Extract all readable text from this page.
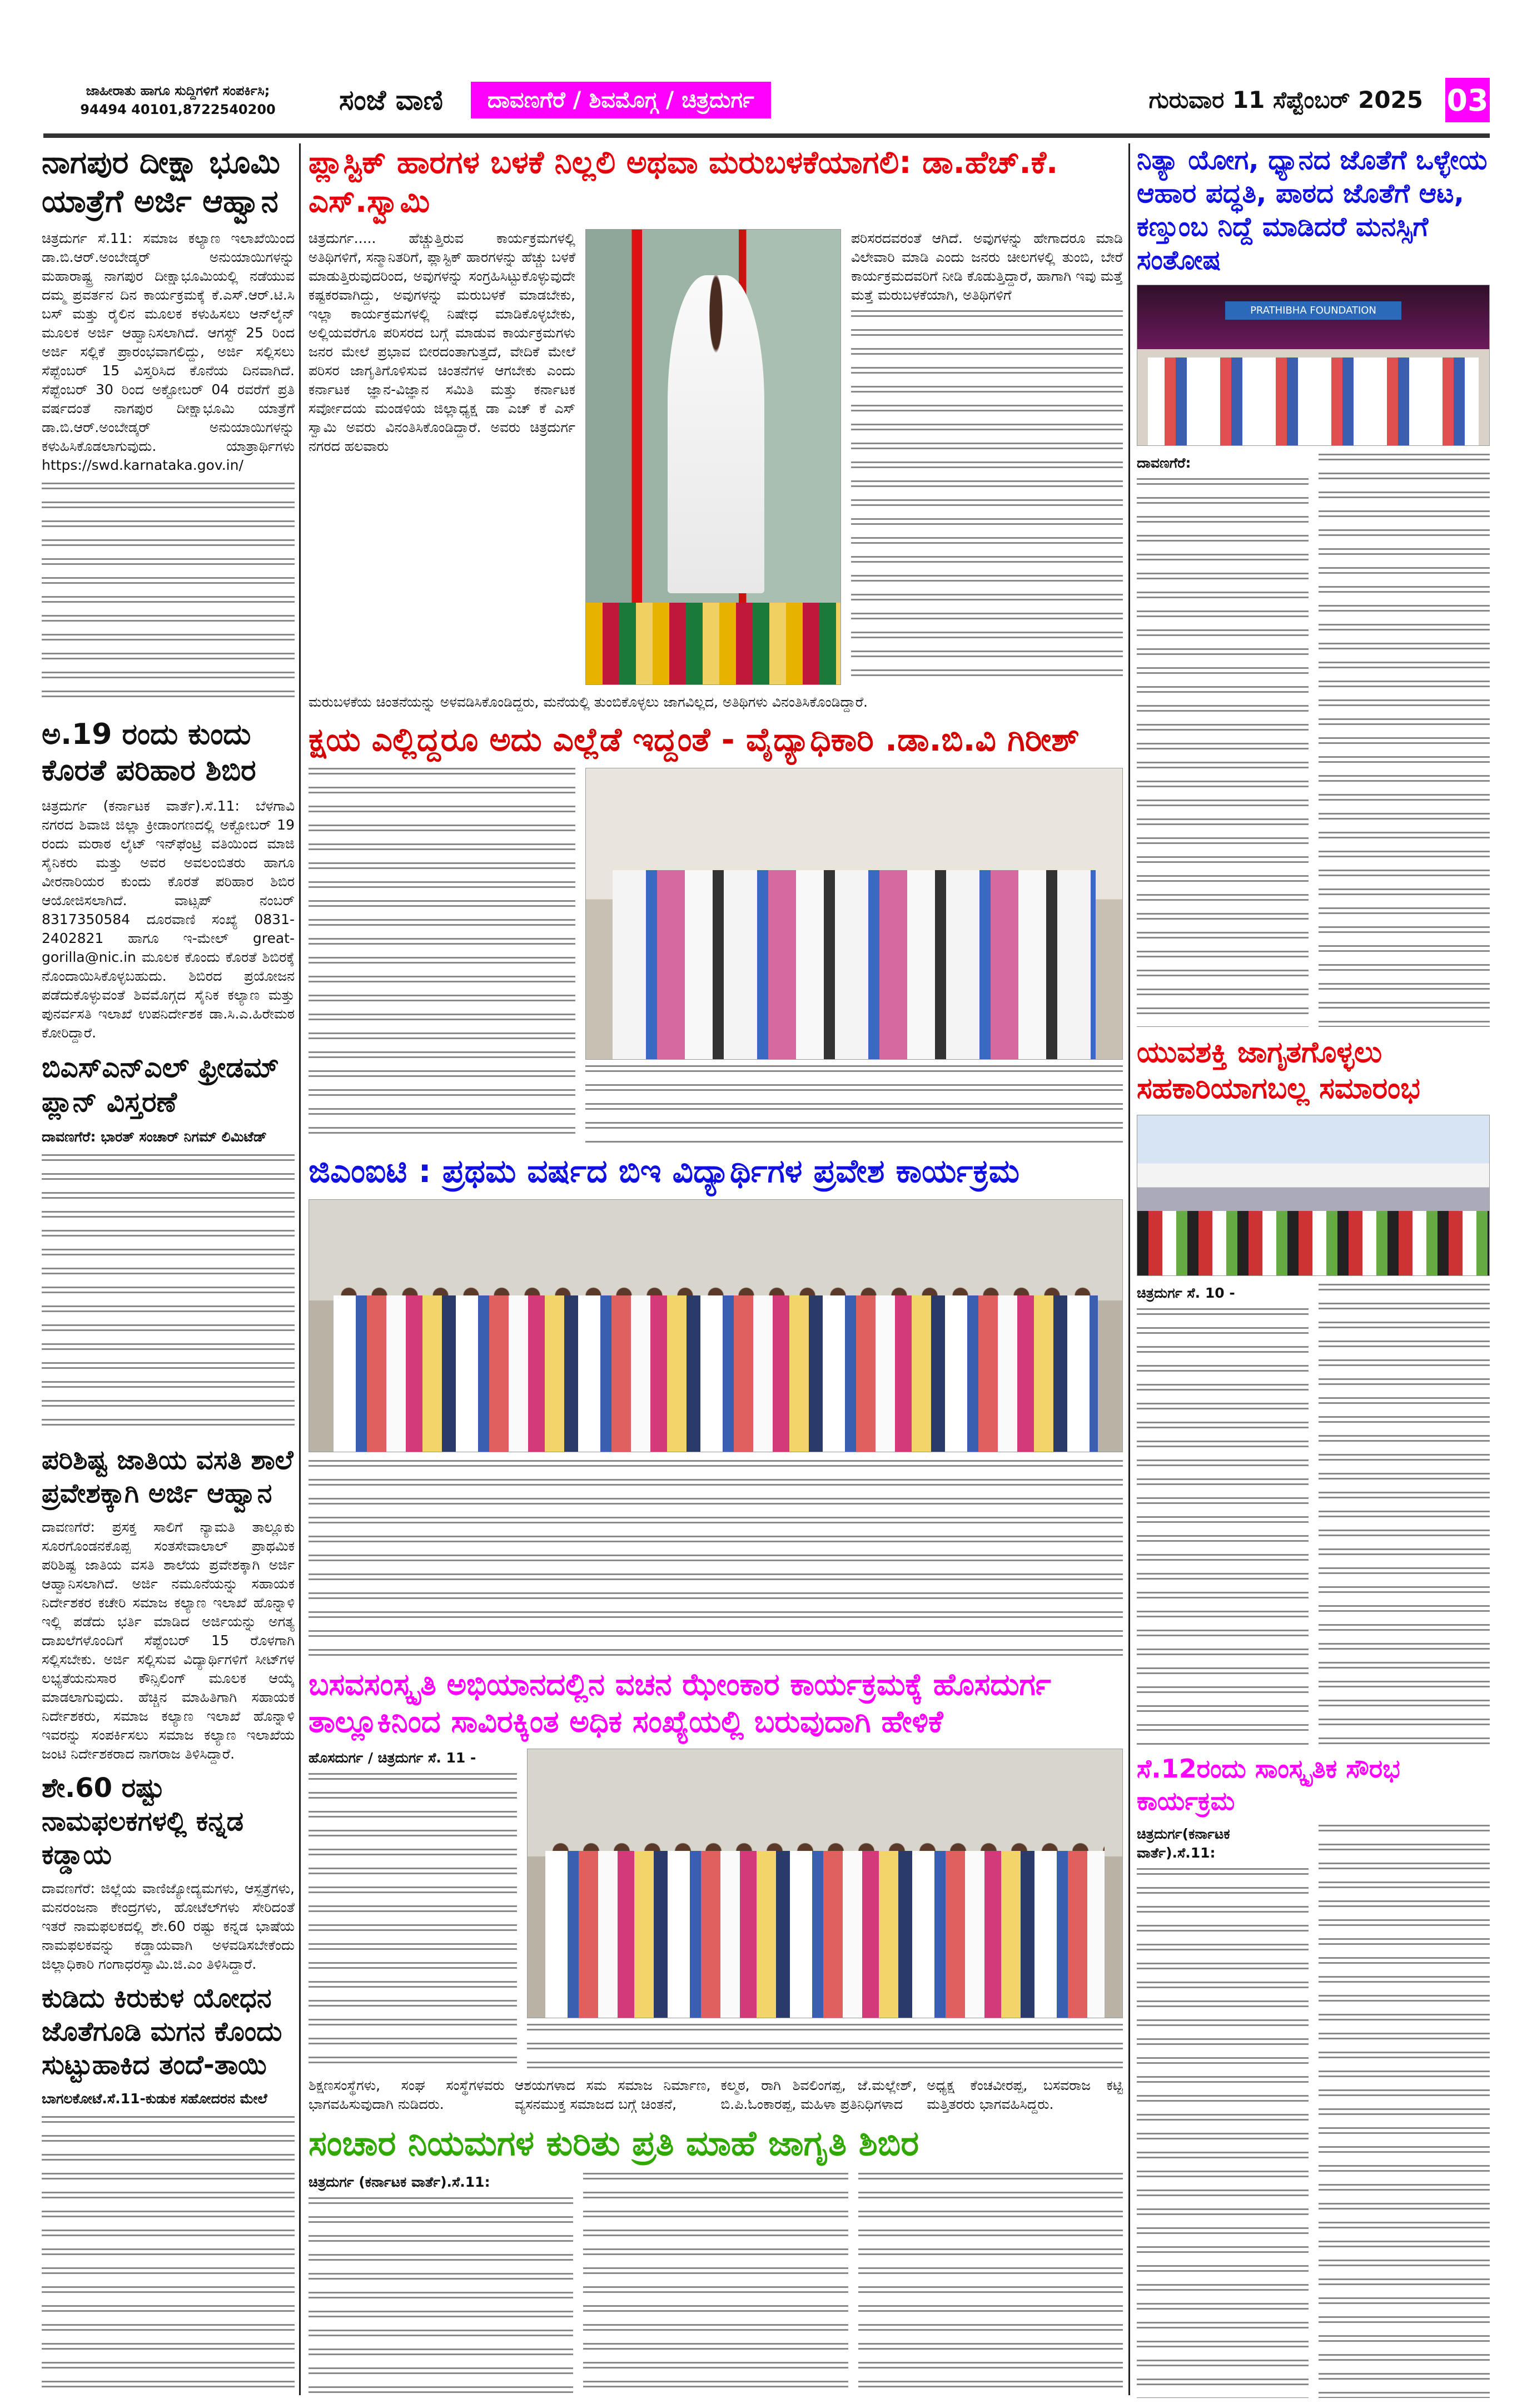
ಜಾಹೀರಾತು ಹಾಗೂ ಸುದ್ದಿಗಳಿಗೆ ಸಂಪರ್ಕಿಸಿ;
94494 40101,8722540200	ಸಂಜೆ ವಾಣಿ	ದಾವಣಗೆರೆ / ಶಿವಮೊಗ್ಗ / ಚಿತ್ರದುರ್ಗ	ಗುರುವಾರ 11 ಸೆಪ್ಟೆಂಬರ್ 2025 03
ನಾಗಪುರ ದೀಕ್ಷಾ ಭೂಮಿ ಯಾತ್ರೆಗೆ ಅರ್ಜಿ ಆಹ್ವಾನ
ಚಿತ್ರದುರ್ಗ ಸೆ.11: ಸಮಾಜ ಕಲ್ಯಾಣ ಇಲಾಖೆಯಿಂದ ಡಾ.ಬಿ.ಆರ್.ಅಂಬೇಡ್ಕರ್ ಅನುಯಾಯಿಗಳನ್ನು ಮಹಾರಾಷ್ಟ್ರ ನಾಗಪುರ ದೀಕ್ಷಾಭೂಮಿಯಲ್ಲಿ ನಡೆಯುವ ದಮ್ಮ ಪ್ರವರ್ತನ ದಿನ ಕಾರ್ಯಕ್ರಮಕ್ಕೆ ಕೆ.ಎಸ್.ಆರ್.ಟಿ.ಸಿ ಬಸ್ ಮತ್ತು ರೈಲಿನ ಮೂಲಕ ಕಳುಹಿಸಲು ಆನ್‍ಲೈನ್ ಮೂಲಕ ಅರ್ಜಿ ಆಹ್ವಾನಿಸಲಾಗಿದೆ. ಆಗಸ್ಟ್ 25 ರಿಂದ ಅರ್ಜಿ ಸಲ್ಲಿಕೆ ಪ್ರಾರಂಭವಾಗಲಿದ್ದು, ಅರ್ಜಿ ಸಲ್ಲಿಸಲು ಸೆಪ್ಟೆಂಬರ್ 15 ವಿಸ್ತರಿಸಿದ ಕೊನೆಯ ದಿನವಾಗಿದೆ. ಸೆಪ್ಟೆಂಬರ್ 30 ರಿಂದ ಅಕ್ಟೋಬರ್ 04 ರವರೆಗೆ ಪ್ರತಿ ವರ್ಷದಂತೆ ನಾಗಪುರ ದೀಕ್ಷಾಭೂಮಿ ಯಾತ್ರೆಗೆ ಡಾ.ಬಿ.ಆರ್.ಅಂಬೇಡ್ಕರ್ ಅನುಯಾಯಿಗಳನ್ನು ಕಳುಹಿಸಿಕೊಡಲಾಗುವುದು. ಯಾತ್ರಾರ್ಥಿಗಳು https://swd.karnataka.gov.in/
ಅ.19 ರಂದು ಕುಂದು ಕೊರತೆ ಪರಿಹಾರ ಶಿಬಿರ
ಚಿತ್ರದುರ್ಗ (ಕರ್ನಾಟಕ ವಾರ್ತೆ).ಸೆ.11: ಬೆಳಗಾವಿ ನಗರದ ಶಿವಾಜಿ ಜಿಲ್ಲಾ ಕ್ರೀಡಾಂಗಣದಲ್ಲಿ ಅಕ್ಟೋಬರ್ 19 ರಂದು ಮರಾಠ ಲೈಟ್ ಇನ್‍ಫೆಂಟ್ರಿ ವತಿಯಿಂದ ಮಾಜಿ ಸೈನಿಕರು ಮತ್ತು ಅವರ ಅವಲಂಬಿತರು ಹಾಗೂ ವೀರನಾರಿಯರ ಕುಂದು ಕೊರತೆ ಪರಿಹಾರ ಶಿಬಿರ ಆಯೋಜಿಸಲಾಗಿದೆ. ವಾಟ್ಸಪ್ ನಂಬರ್ 8317350584 ದೂರವಾಣಿ ಸಂಖ್ಯೆ 0831-2402821 ಹಾಗೂ ಇ-ಮೇಲ್ great-gorilla@nic.in ಮೂಲಕ ಕೊಂದು ಕೊರತೆ ಶಿಬಿರಕ್ಕೆ ನೊಂದಾಯಿಸಿಕೊಳ್ಳಬಹುದು. ಶಿಬಿರದ ಪ್ರಯೋಜನ ಪಡೆದುಕೊಳ್ಳುವಂತೆ ಶಿವಮೊಗ್ಗದ ಸೈನಿಕ ಕಲ್ಯಾಣ ಮತ್ತು ಪುನರ್ವಸತಿ ಇಲಾಖೆ ಉಪನಿರ್ದೇಶಕ ಡಾ.ಸಿ.ಎ.ಹಿರೇಮಠ ಕೋರಿದ್ದಾರೆ.
ಬಿಎಸ್‍ಎನ್‍ಎಲ್ ಫ್ರೀಡಮ್ ಪ್ಲಾನ್ ವಿಸ್ತರಣೆ
ದಾವಣಗೆರೆ: ಭಾರತ್ ಸಂಚಾರ್ ನಿಗಮ್ ಲಿಮಿಟೆಡ್
ಪರಿಶಿಷ್ಟ ಜಾತಿಯ ವಸತಿ ಶಾಲೆ ಪ್ರವೇಶಕ್ಕಾಗಿ ಅರ್ಜಿ ಆಹ್ವಾನ
ದಾವಣಗೆರೆ: ಪ್ರಸಕ್ತ ಸಾಲಿಗೆ ನ್ಯಾಮತಿ ತಾಲ್ಲೂಕು ಸೂರಗೊಂಡನಕೊಪ್ಪ ಸಂತಸೇವಾಲಾಲ್ ಪ್ರಾಥಮಿಕ ಪರಿಶಿಷ್ಟ ಜಾತಿಯ ವಸತಿ ಶಾಲೆಯ ಪ್ರವೇಶಕ್ಕಾಗಿ ಅರ್ಜಿ ಆಹ್ವಾನಿಸಲಾಗಿದೆ. ಅರ್ಜಿ ನಮೂನೆಯನ್ನು ಸಹಾಯಕ ನಿರ್ದೇಶಕರ ಕಚೇರಿ ಸಮಾಜ ಕಲ್ಯಾಣ ಇಲಾಖೆ ಹೊನ್ನಾಳಿ ಇಲ್ಲಿ ಪಡೆದು ಭರ್ತಿ ಮಾಡಿದ ಅರ್ಜಿಯನ್ನು ಅಗತ್ಯ ದಾಖಲೆಗಳೊಂದಿಗೆ ಸೆಪ್ಟೆಂಬರ್ 15 ರೊಳಗಾಗಿ ಸಲ್ಲಿಸಬೇಕು. ಅರ್ಜಿ ಸಲ್ಲಿಸುವ ವಿದ್ಯಾರ್ಥಿಗಳಿಗೆ ಸೀಟ್‍ಗಳ ಲಭ್ಯತೆಯನುಸಾರ ಕೌನ್ಸಿಲಿಂಗ್ ಮೂಲಕ ಆಯ್ಕೆ ಮಾಡಲಾಗುವುದು. ಹೆಚ್ಚಿನ ಮಾಹಿತಿಗಾಗಿ ಸಹಾಯಕ ನಿರ್ದೇಶಕರು, ಸಮಾಜ ಕಲ್ಯಾಣ ಇಲಾಖೆ ಹೊನ್ನಾಳಿ ಇವರನ್ನು ಸಂಪರ್ಕಿಸಲು ಸಮಾಜ ಕಲ್ಯಾಣ ಇಲಾಖೆಯ ಜಂಟಿ ನಿರ್ದೇಶಕರಾದ ನಾಗರಾಜ ತಿಳಿಸಿದ್ದಾರೆ.
ಶೇ.60 ರಷ್ಟು ನಾಮಫಲಕಗಳಲ್ಲಿ ಕನ್ನಡ ಕಡ್ಡಾಯ
ದಾವಣಗೆರೆ: ಜಿಲ್ಲೆಯ ವಾಣಿಜ್ಯೋದ್ಯಮಗಳು, ಆಸ್ಪತ್ರೆಗಳು, ಮನರಂಜನಾ ಕೇಂದ್ರಗಳು, ಹೋಟೆಲ್‍ಗಳು ಸೇರಿದಂತೆ ಇತರೆ ನಾಮಫಲಕದಲ್ಲಿ ಶೇ.60 ರಷ್ಟು ಕನ್ನಡ ಭಾಷೆಯ ನಾಮಫಲಕವನ್ನು ಕಡ್ಡಾಯವಾಗಿ ಅಳವಡಿಸಬೇಕೆಂದು ಜಿಲ್ಲಾಧಿಕಾರಿ ಗಂಗಾಧರಸ್ವಾಮಿ.ಜಿ.ಎಂ ತಿಳಿಸಿದ್ದಾರೆ.
ಕುಡಿದು ಕಿರುಕುಳ ಯೋಧನ ಜೊತೆಗೂಡಿ ಮಗನ ಕೊಂದು ಸುಟ್ಟುಹಾಕಿದ ತಂದೆ-ತಾಯಿ
ಬಾಗಲಕೋಟೆ.ಸೆ.11-ಕುಡುಕ ಸಹೋದರನ ಮೇಲೆ
ಪ್ಲಾಸ್ಟಿಕ್ ಹಾರಗಳ ಬಳಕೆ ನಿಲ್ಲಲಿ ಅಥವಾ ಮರುಬಳಕೆಯಾಗಲಿ: ಡಾ.ಹೆಚ್.ಕೆ. ಎಸ್.ಸ್ವಾಮಿ
ಚಿತ್ರದುರ್ಗ..... ಹೆಚ್ಚುತ್ತಿರುವ ಕಾರ್ಯಕ್ರಮಗಳಲ್ಲಿ ಅತಿಥಿಗಳಿಗೆ, ಸನ್ಮಾನಿತರಿಗೆ, ಪ್ಲಾಸ್ಟಿಕ್ ಹಾರಗಳನ್ನು ಹೆಚ್ಚು ಬಳಕೆ ಮಾಡುತ್ತಿರುವುದರಿಂದ, ಅವುಗಳನ್ನು ಸಂಗ್ರಹಿಸಿಟ್ಟುಕೊಳ್ಳುವುದೇ ಕಷ್ಟಕರವಾಗಿದ್ದು, ಅವುಗಳನ್ನು ಮರುಬಳಕೆ ಮಾಡಬೇಕು, ಇಲ್ಲಾ ಕಾರ್ಯಕ್ರಮಗಳಲ್ಲಿ ನಿಷೇಧ ಮಾಡಿಕೊಳ್ಳಬೇಕು, ಅಲ್ಲಿಯವರೆಗೂ ಪರಿಸರದ ಬಗ್ಗೆ ಮಾಡುವ ಕಾರ್ಯಕ್ರಮಗಳು ಜನರ ಮೇಲೆ ಪ್ರಭಾವ ಬೀರದಂತಾಗುತ್ತದೆ, ವೇದಿಕೆ ಮೇಲೆ ಪರಿಸರ ಜಾಗೃತಿಗೊಳಿಸುವ ಚಿಂತನೆಗಳ ಆಗಬೇಕು ಎಂದು ಕರ್ನಾಟಕ ಜ್ಞಾನ-ವಿಜ್ಞಾನ ಸಮಿತಿ ಮತ್ತು ಕರ್ನಾಟಕ ಸರ್ವೋದಯ ಮಂಡಳಿಯ ಜಿಲ್ಲಾಧ್ಯಕ್ಷ ಡಾ ಎಚ್ ಕೆ ಎಸ್ ಸ್ವಾಮಿ ಅವರು ವಿನಂತಿಸಿಕೊಂಡಿದ್ದಾರೆ. ಅವರು ಚಿತ್ರದುರ್ಗ ನಗರದ ಹಲವಾರು
ಪರಿಸರದವರಂತೆ ಆಗಿದೆ. ಅವುಗಳನ್ನು ಹೇಗಾದರೂ ಮಾಡಿ ವಿಲೇವಾರಿ ಮಾಡಿ ಎಂದು ಜನರು ಚೀಲಗಳಲ್ಲಿ ತುಂಬಿ, ಬೇರೆ ಕಾರ್ಯಕ್ರಮದವರಿಗೆ ನೀಡಿ ಕೊಡುತ್ತಿದ್ದಾರೆ, ಹಾಗಾಗಿ ಇವು ಮತ್ತೆ ಮತ್ತೆ ಮರುಬಳಕೆಯಾಗಿ, ಅತಿಥಿಗಳಿಗೆ
ಮರುಬಳಕೆಯ ಚಿಂತನೆಯನ್ನು ಅಳವಡಿಸಿಕೊಂಡಿದ್ದರು, ಮನೆಯಲ್ಲಿ ತುಂಬಿಕೊಳ್ಳಲು ಜಾಗವಿಲ್ಲದ, ಅತಿಥಿಗಳು ವಿನಂತಿಸಿಕೊಂಡಿದ್ದಾರೆ.
ಕ್ಷಯ ಎಲ್ಲಿದ್ದರೂ ಅದು ಎಲ್ಲೆಡೆ ಇದ್ದಂತೆ - ವೈದ್ಯಾಧಿಕಾರಿ .ಡಾ.ಬಿ.ವಿ ಗಿರೀಶ್
ಜಿಎಂಐಟಿ : ಪ್ರಥಮ ವರ್ಷದ ಬಿಇ ವಿದ್ಯಾರ್ಥಿಗಳ ಪ್ರವೇಶ ಕಾರ್ಯಕ್ರಮ
ಬಸವಸಂಸ್ಕೃತಿ ಅಭಿಯಾನದಲ್ಲಿನ ವಚನ ಝೇಂಕಾರ ಕಾರ್ಯಕ್ರಮಕ್ಕೆ ಹೊಸದುರ್ಗ ತಾಲ್ಲೂಕಿನಿಂದ ಸಾವಿರಕ್ಕಿಂತ ಅಧಿಕ ಸಂಖ್ಯೆಯಲ್ಲಿ ಬರುವುದಾಗಿ ಹೇಳಿಕೆ
ಹೊಸದುರ್ಗ / ಚಿತ್ರದುರ್ಗ ಸೆ. 11 -
ಶಿಕ್ಷಣಸಂಸ್ಥೆಗಳು, ಸಂಘ ಸಂಸ್ಥೆಗಳವರು ಭಾಗವಹಿಸುವುದಾಗಿ ನುಡಿದರು.
ಆಶಯಗಳಾದ ಸಮ ಸಮಾಜ ನಿರ್ಮಾಣ, ವ್ಯಸನಮುಕ್ತ ಸಮಾಜದ ಬಗ್ಗೆ ಚಿಂತನೆ,
ಕಲ್ಮಠ, ರಾಗಿ ಶಿವಲಿಂಗಪ್ಪ, ಜೆ.ಮಲ್ಲೇಶ್, ಬಿ.ಪಿ.ಓಂಕಾರಪ್ಪ, ಮಹಿಳಾ ಪ್ರತಿನಿಧಿಗಳಾದ
ಅಧ್ಯಕ್ಷ ಕೆಂಚವೀರಪ್ಪ, ಬಸವರಾಜ ಕಟ್ಟಿ ಮತ್ತಿತರರು ಭಾಗವಹಿಸಿದ್ದರು.
ಸಂಚಾರ ನಿಯಮಗಳ ಕುರಿತು ಪ್ರತಿ ಮಾಹೆ ಜಾಗೃತಿ ಶಿಬಿರ
ಚಿತ್ರದುರ್ಗ (ಕರ್ನಾಟಕ ವಾರ್ತೆ).ಸೆ.11:
ನಿತ್ಯಾ ಯೋಗ, ಧ್ಯಾನದ ಜೊತೆಗೆ ಒಳ್ಳೇಯ ಆಹಾರ ಪದ್ಧತಿ, ಪಾಠದ ಜೊತೆಗೆ ಆಟ, ಕಣ್ತುಂಬ ನಿದ್ದೆ ಮಾಡಿದರೆ ಮನಸ್ಸಿಗೆ ಸಂತೋಷ
PRATHIBHA FOUNDATION
ದಾವಣಗೆರೆ:
ಯುವಶಕ್ತಿ ಜಾಗೃತಗೊಳ್ಳಲು ಸಹಕಾರಿಯಾಗಬಲ್ಲ ಸಮಾರಂಭ
ಚಿತ್ರದುರ್ಗ ಸೆ. 10 -
ಸೆ.12ರಂದು ಸಾಂಸ್ಕೃತಿಕ ಸೌರಭ ಕಾರ್ಯಕ್ರಮ
ಚಿತ್ರದುರ್ಗ(ಕರ್ನಾಟಕ ವಾರ್ತೆ).ಸೆ.11:
